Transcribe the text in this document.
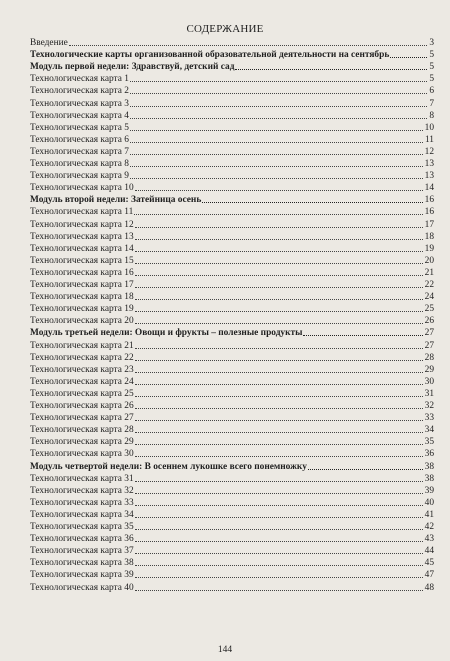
СОДЕРЖАНИЕ
Введение	3
Технологические карты организованной образовательной деятельности на сентябрь	5
Модуль первой недели: Здравствуй, детский сад	5
Технологическая карта 1	5
Технологическая карта 2	6
Технологическая карта 3	7
Технологическая карта 4	8
Технологическая карта 5	10
Технологическая карта 6	11
Технологическая карта 7	12
Технологическая карта 8	13
Технологическая карта 9	13
Технологическая карта 10	14
Модуль второй недели: Затейница осень	16
Технологическая карта 11	16
Технологическая карта 12	17
Технологическая карта 13	18
Технологическая карта 14	19
Технологическая карта 15	20
Технологическая карта 16	21
Технологическая карта 17	22
Технологическая карта 18	24
Технологическая карта 19	25
Технологическая карта 20	26
Модуль третьей недели: Овощи и фрукты – полезные продукты	27
Технологическая карта 21	27
Технологическая карта 22	28
Технологическая карта 23	29
Технологическая карта 24	30
Технологическая карта 25	31
Технологическая карта 26	32
Технологическая карта 27	33
Технологическая карта 28	34
Технологическая карта 29	35
Технологическая карта 30	36
Модуль четвертой недели: В осеннем лукошке всего понемножку	38
Технологическая карта 31	38
Технологическая карта 32	39
Технологическая карта 33	40
Технологическая карта 34	41
Технологическая карта 35	42
Технологическая карта 36	43
Технологическая карта 37	44
Технологическая карта 38	45
Технологическая карта 39	47
Технологическая карта 40	48
144
